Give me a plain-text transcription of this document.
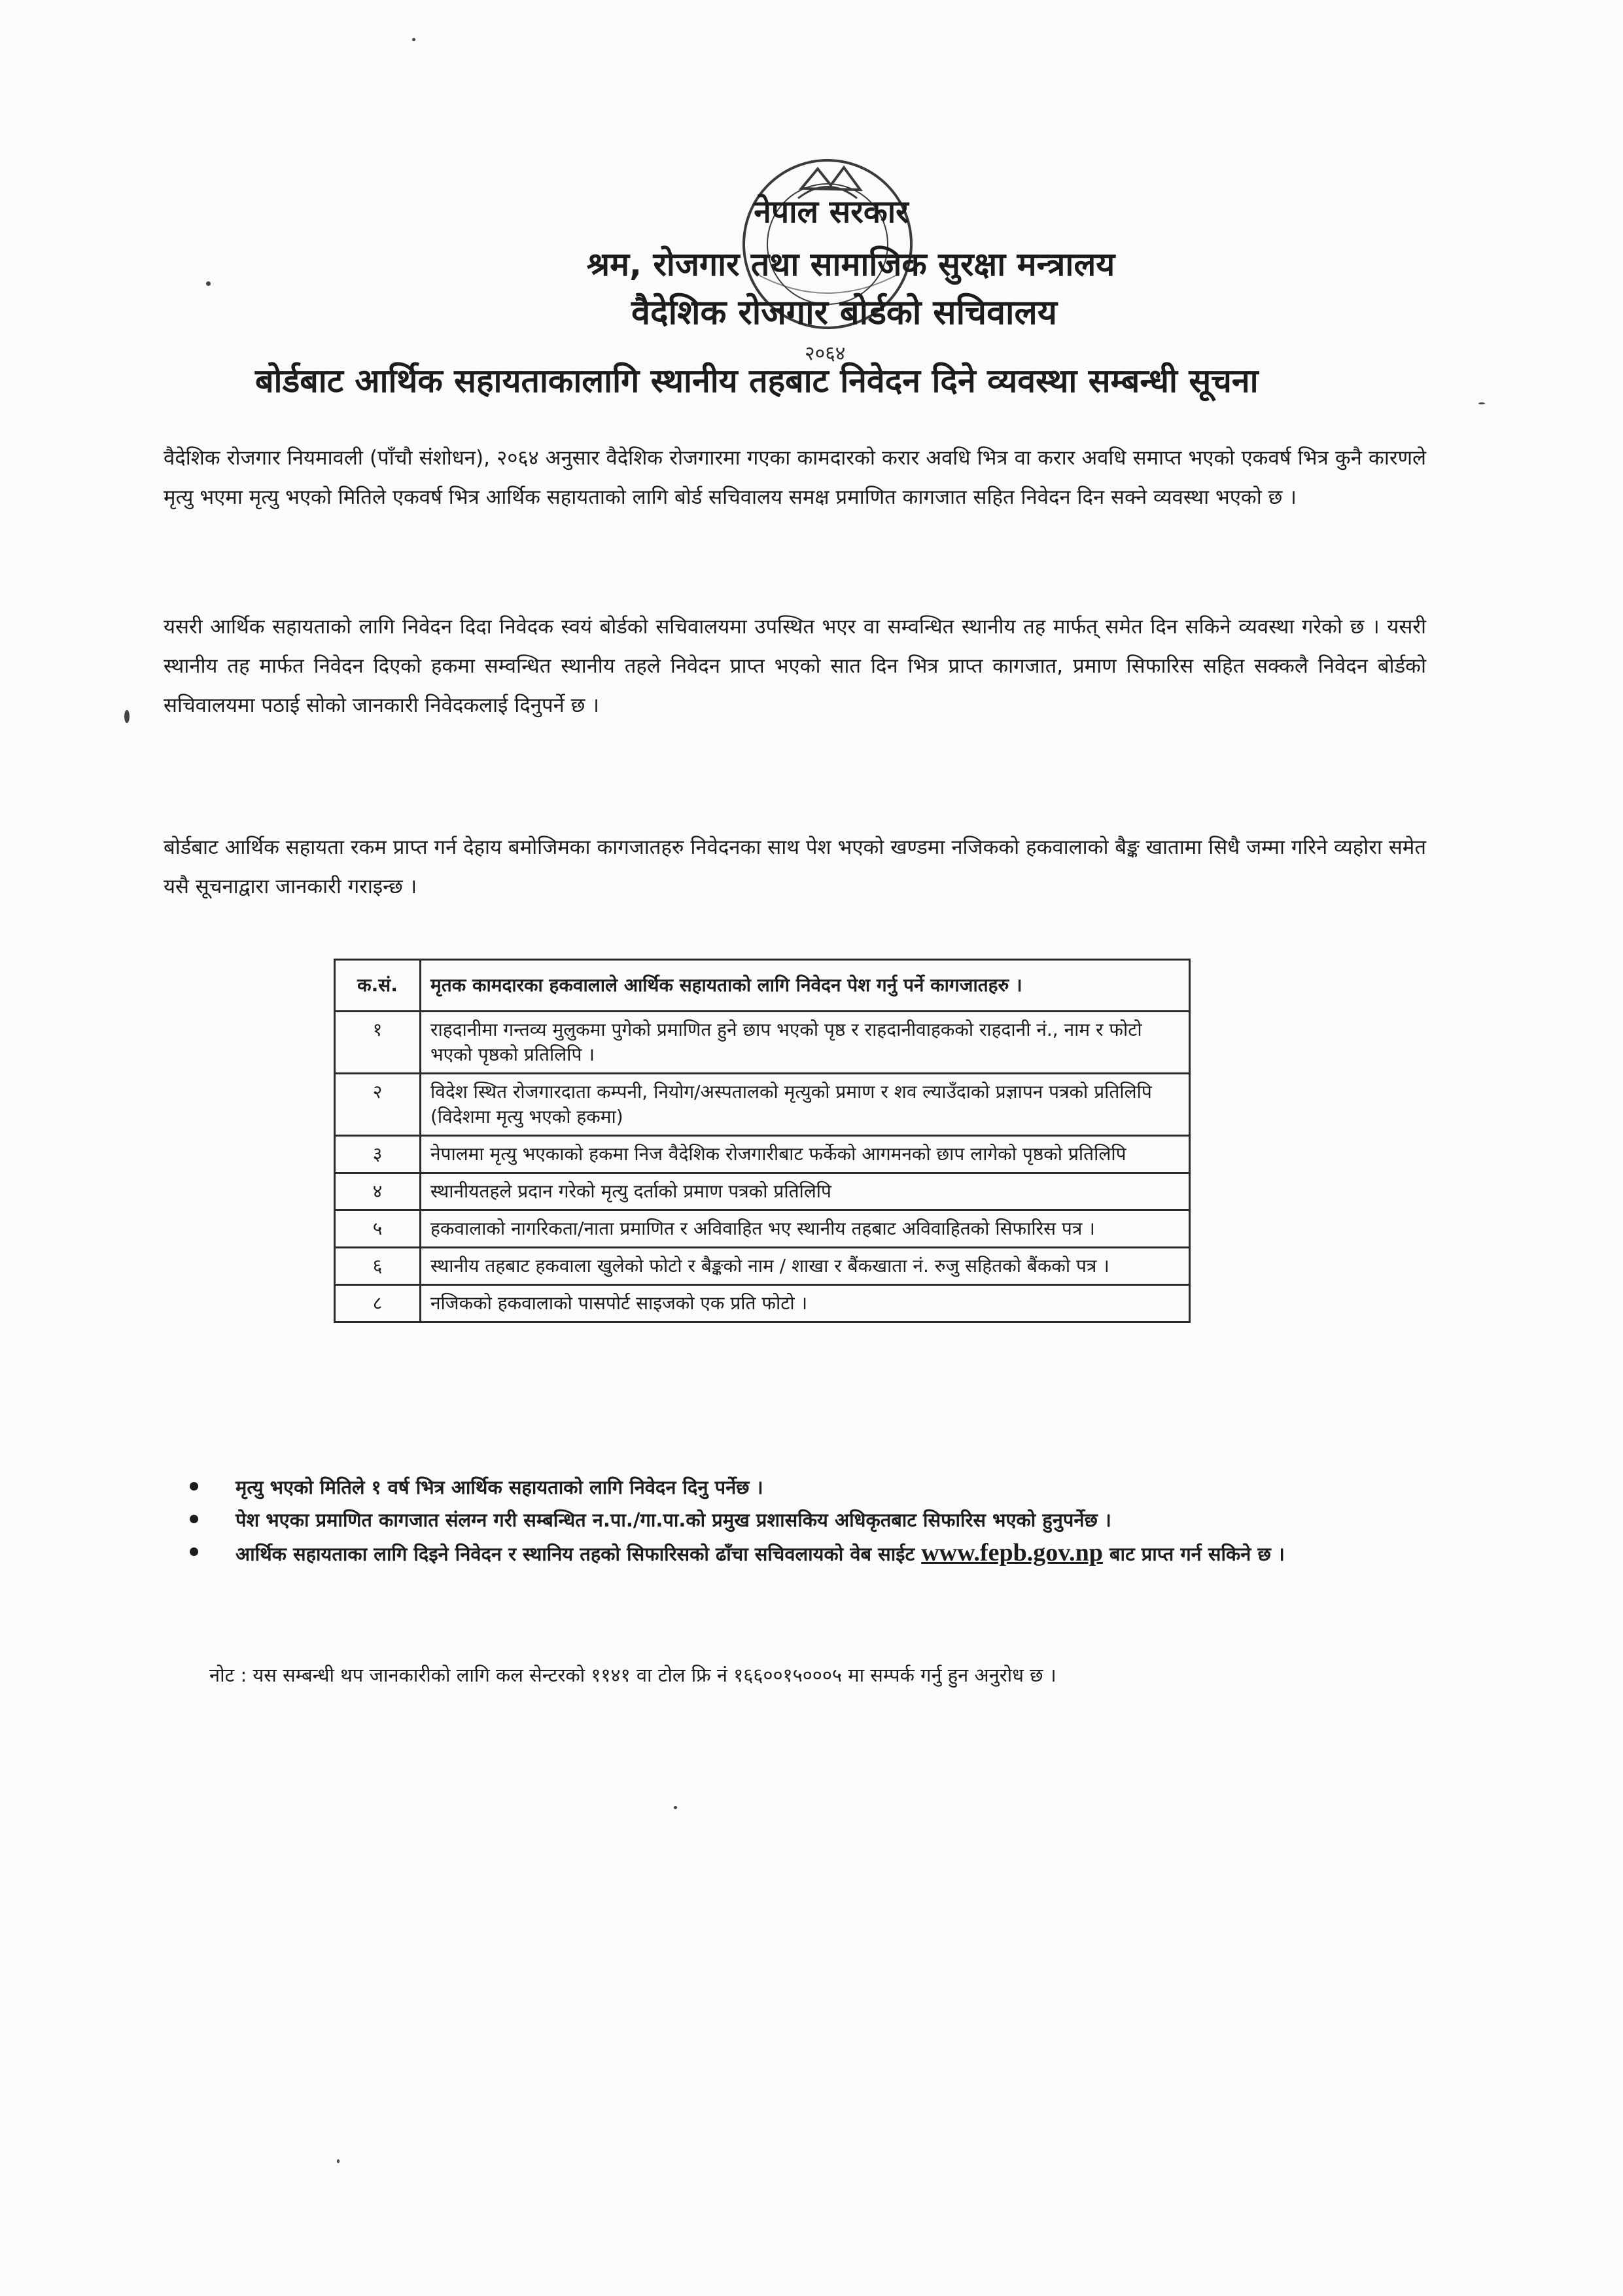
नेपाल सरकार
श्रम, रोजगार तथा सामाजिक सुरक्षा मन्त्रालय
वैदेशिक रोजगार बोर्डको सचिवालय
२०६४
बोर्डबाट आर्थिक सहायताकालागि स्थानीय तहबाट निवेदन दिने व्यवस्था सम्बन्धी सूचना
वैदेशिक रोजगार नियमावली (पाँचौ संशोधन), २०६४ अनुसार वैदेशिक रोजगारमा गएका कामदारको करार अवधि भित्र वा करार अवधि समाप्त भएको एकवर्ष भित्र कुनै कारणले मृत्यु भएमा मृत्यु भएको मितिले एकवर्ष भित्र आर्थिक सहायताको लागि बोर्ड सचिवालय समक्ष प्रमाणित कागजात सहित निवेदन दिन सक्ने व्यवस्था भएको छ ।
यसरी आर्थिक सहायताको लागि निवेदन दिदा निवेदक स्वयं बोर्डको सचिवालयमा उपस्थित भएर वा सम्वन्धित स्थानीय तह मार्फत् समेत दिन सकिने व्यवस्था गरेको छ । यसरी स्थानीय तह मार्फत निवेदन दिएको हकमा सम्वन्धित स्थानीय तहले निवेदन प्राप्त भएको सात दिन भित्र प्राप्त कागजात, प्रमाण सिफारिस सहित सक्कलै निवेदन बोर्डको सचिवालयमा पठाई सोको जानकारी निवेदकलाई दिनुपर्ने छ ।
बोर्डबाट आर्थिक सहायता रकम प्राप्त गर्न देहाय बमोजिमका कागजातहरु निवेदनका साथ पेश भएको खण्डमा नजिकको हकवालाको बैङ्क खातामा सिधै जम्मा गरिने व्यहोरा समेत यसै सूचनाद्वारा जानकारी गराइन्छ ।
क.सं.	मृतक कामदारका हकवालाले आर्थिक सहायताको लागि निवेदन पेश गर्नु पर्ने कागजातहरु ।
१	राहदानीमा गन्तव्य मुलुकमा पुगेको प्रमाणित हुने छाप भएको पृष्ठ र राहदानीवाहकको राहदानी नं., नाम र फोटो भएको पृष्ठको प्रतिलिपि ।
२	विदेश स्थित रोजगारदाता कम्पनी, नियोग/अस्पतालको मृत्युको प्रमाण र शव ल्याउँदाको प्रज्ञापन पत्रको प्रतिलिपि (विदेशमा मृत्यु भएको हकमा)
३	नेपालमा मृत्यु भएकाको हकमा निज वैदेशिक रोजगारीबाट फर्केको आगमनको छाप लागेको पृष्ठको प्रतिलिपि
४	स्थानीयतहले प्रदान गरेको मृत्यु दर्ताको प्रमाण पत्रको प्रतिलिपि
५	हकवालाको नागरिकता/नाता प्रमाणित र अविवाहित भए स्थानीय तहबाट अविवाहितको सिफारिस पत्र ।
६	स्थानीय तहबाट हकवाला खुलेको फोटो र बैङ्कको नाम / शाखा र बैंकखाता नं. रुजु सहितको बैंकको पत्र ।
८	नजिकको हकवालाको पासपोर्ट साइजको एक प्रति फोटो ।
मृत्यु भएको मितिले १ वर्ष भित्र आर्थिक सहायताको लागि निवेदन दिनु पर्नेछ ।
पेश भएका प्रमाणित कागजात संलग्न गरी सम्बन्धित न.पा./गा.पा.को प्रमुख प्रशासकिय अधिकृतबाट सिफारिस भएको हुनुपर्नेछ ।
आर्थिक सहायताका लागि दिइने निवेदन र स्थानिय तहको सिफारिसको ढाँचा सचिवलायको वेब साईट www.fepb.gov.np बाट प्राप्त गर्न सकिने छ ।
नोट : यस सम्बन्धी थप जानकारीको लागि कल सेन्टरको ११४१ वा टोल फ्रि नं १६६००१५०००५ मा सम्पर्क गर्नु हुन अनुरोध छ ।
